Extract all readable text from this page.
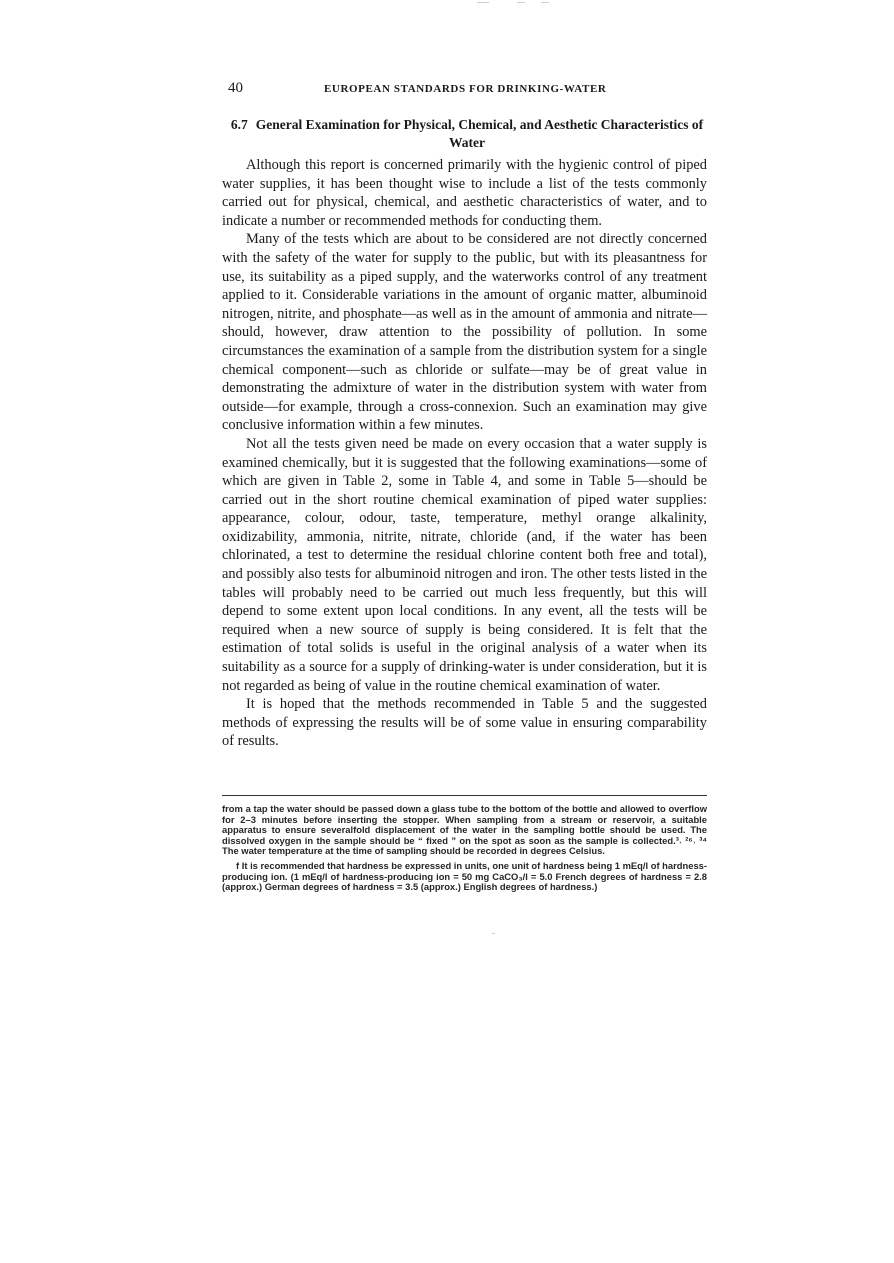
40	EUROPEAN STANDARDS FOR DRINKING-WATER
6.7 General Examination for Physical, Chemical, and Aesthetic Characteristics of Water

Although this report is concerned primarily with the hygienic control of piped water supplies, it has been thought wise to include a list of the tests commonly carried out for physical, chemical, and aesthetic characteristics of water, and to indicate a number or recommended methods for conducting them.

Many of the tests which are about to be considered are not directly concerned with the safety of the water for supply to the public, but with its pleasantness for use, its suitability as a piped supply, and the waterworks control of any treatment applied to it. Considerable variations in the amount of organic matter, albuminoid nitrogen, nitrite, and phosphate—as well as in the amount of ammonia and nitrate—should, however, draw attention to the possibility of pollution. In some circumstances the examination of a sample from the distribution system for a single chemical component—such as chloride or sulfate—may be of great value in demonstrating the admixture of water in the distribution system with water from outside—for example, through a cross-connexion. Such an examination may give conclusive information within a few minutes.

Not all the tests given need be made on every occasion that a water supply is examined chemically, but it is suggested that the following examinations—some of which are given in Table 2, some in Table 4, and some in Table 5—should be carried out in the short routine chemical examination of piped water supplies: appearance, colour, odour, taste, temperature, methyl orange alkalinity, oxidizability, ammonia, nitrite, nitrate, chloride (and, if the water has been chlorinated, a test to determine the residual chlorine content both free and total), and possibly also tests for albuminoid nitrogen and iron. The other tests listed in the tables will probably need to be carried out much less frequently, but this will depend to some extent upon local conditions. In any event, all the tests will be required when a new source of supply is being considered. It is felt that the estimation of total solids is useful in the original analysis of a water when its suitability as a source for a supply of drinking-water is under consideration, but it is not regarded as being of value in the routine chemical examination of water.

It is hoped that the methods recommended in Table 5 and the suggested methods of expressing the results will be of some value in ensuring comparability of results.

from a tap the water should be passed down a glass tube to the bottom of the bottle and allowed to overflow for 2–3 minutes before inserting the stopper. When sampling from a stream or reservoir, a suitable apparatus to ensure severalfold displacement of the water in the sampling bottle should be used. The dissolved oxygen in the sample should be “ fixed ” on the spot as soon as the sample is collected.³˒ ²⁶˒ ³⁴ The water temperature at the time of sampling should be recorded in degrees Celsius.

f It is recommended that hardness be expressed in units, one unit of hardness being 1 mEq/l of hardness-producing ion. (1 mEq/l of hardness-producing ion = 50 mg CaCO₃/l = 5.0 French degrees of hardness = 2.8 (approx.) German degrees of hardness = 3.5 (approx.) English degrees of hardness.)
